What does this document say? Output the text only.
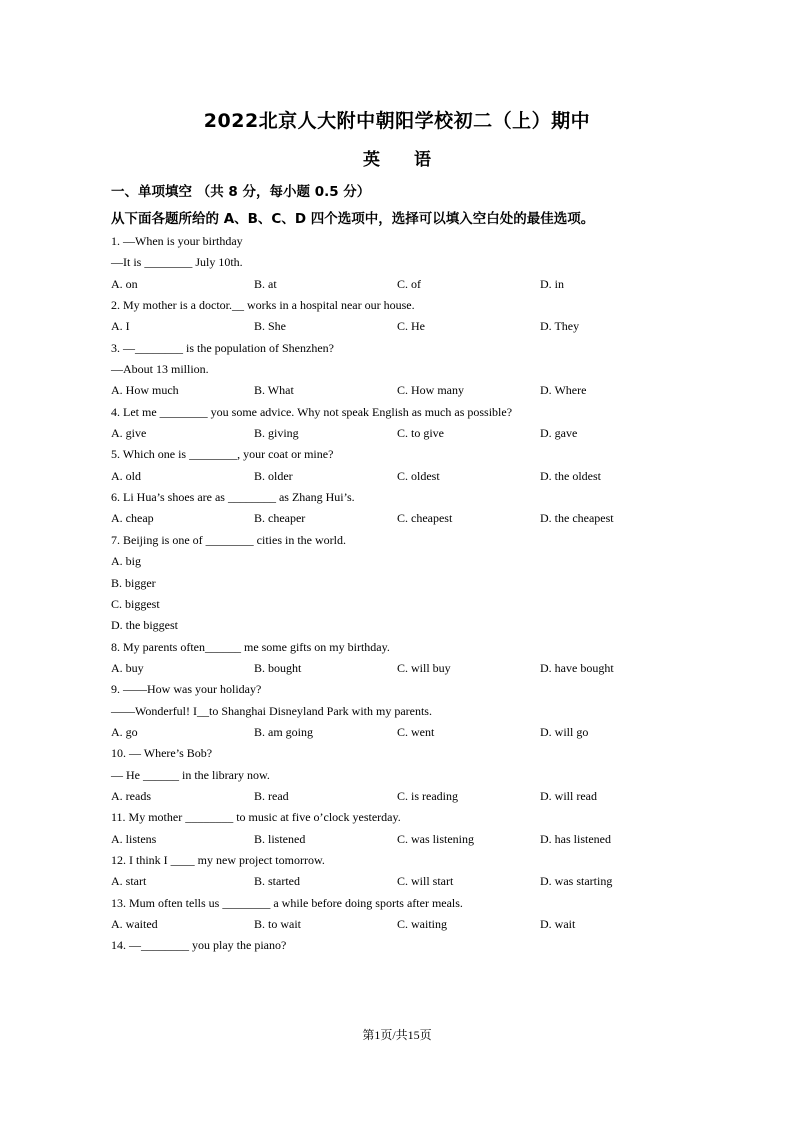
2022北京人大附中朝阳学校初二（上）期中
英 语
一、单项填空 （共 8 分，每小题 0.5 分）
从下面各题所给的 A、B、C、D 四个选项中，选择可以填入空白处的最佳选项。
1. —When is your birthday
—It is ________ July 10th.
A. on	B. at	C. of	D. in
2. My mother is a doctor.__ works in a hospital near our house.
A. I	B. She	C. He	D. They
3. —________ is the population of Shenzhen?
—About 13 million.
A. How much	B. What	C. How many	D. Where
4. Let me ________ you some advice. Why not speak English as much as possible?
A. give	B. giving	C. to give	D. gave
5. Which one is ________, your coat or mine?
A. old	B. older	C. oldest	D. the oldest
6. Li Hua’s shoes are as ________ as Zhang Hui’s.
A. cheap	B. cheaper	C. cheapest	D. the cheapest
7. Beijing is one of ________ cities in the world.
A. big
B. bigger
C. biggest
D. the biggest
8. My parents often______ me some gifts on my birthday.
A. buy	B. bought	C. will buy	D. have bought
9. ——How was your holiday?
——Wonderful! I__to Shanghai Disneyland Park with my parents.
A. go	B. am going	C. went	D. will go
10. — Where’s Bob?
— He ______ in the library now.
A. reads	B. read	C. is reading	D. will read
11. My mother ________ to music at five o’clock yesterday.
A. listens	B. listened	C. was listening	D. has listened
12. I think I ____ my new project tomorrow.
A. start	B. started	C. will start	D. was starting
13. Mum often tells us ________ a while before doing sports after meals.
A. waited	B. to wait	C. waiting	D. wait
14. —________ you play the piano?
第1页/共15页
